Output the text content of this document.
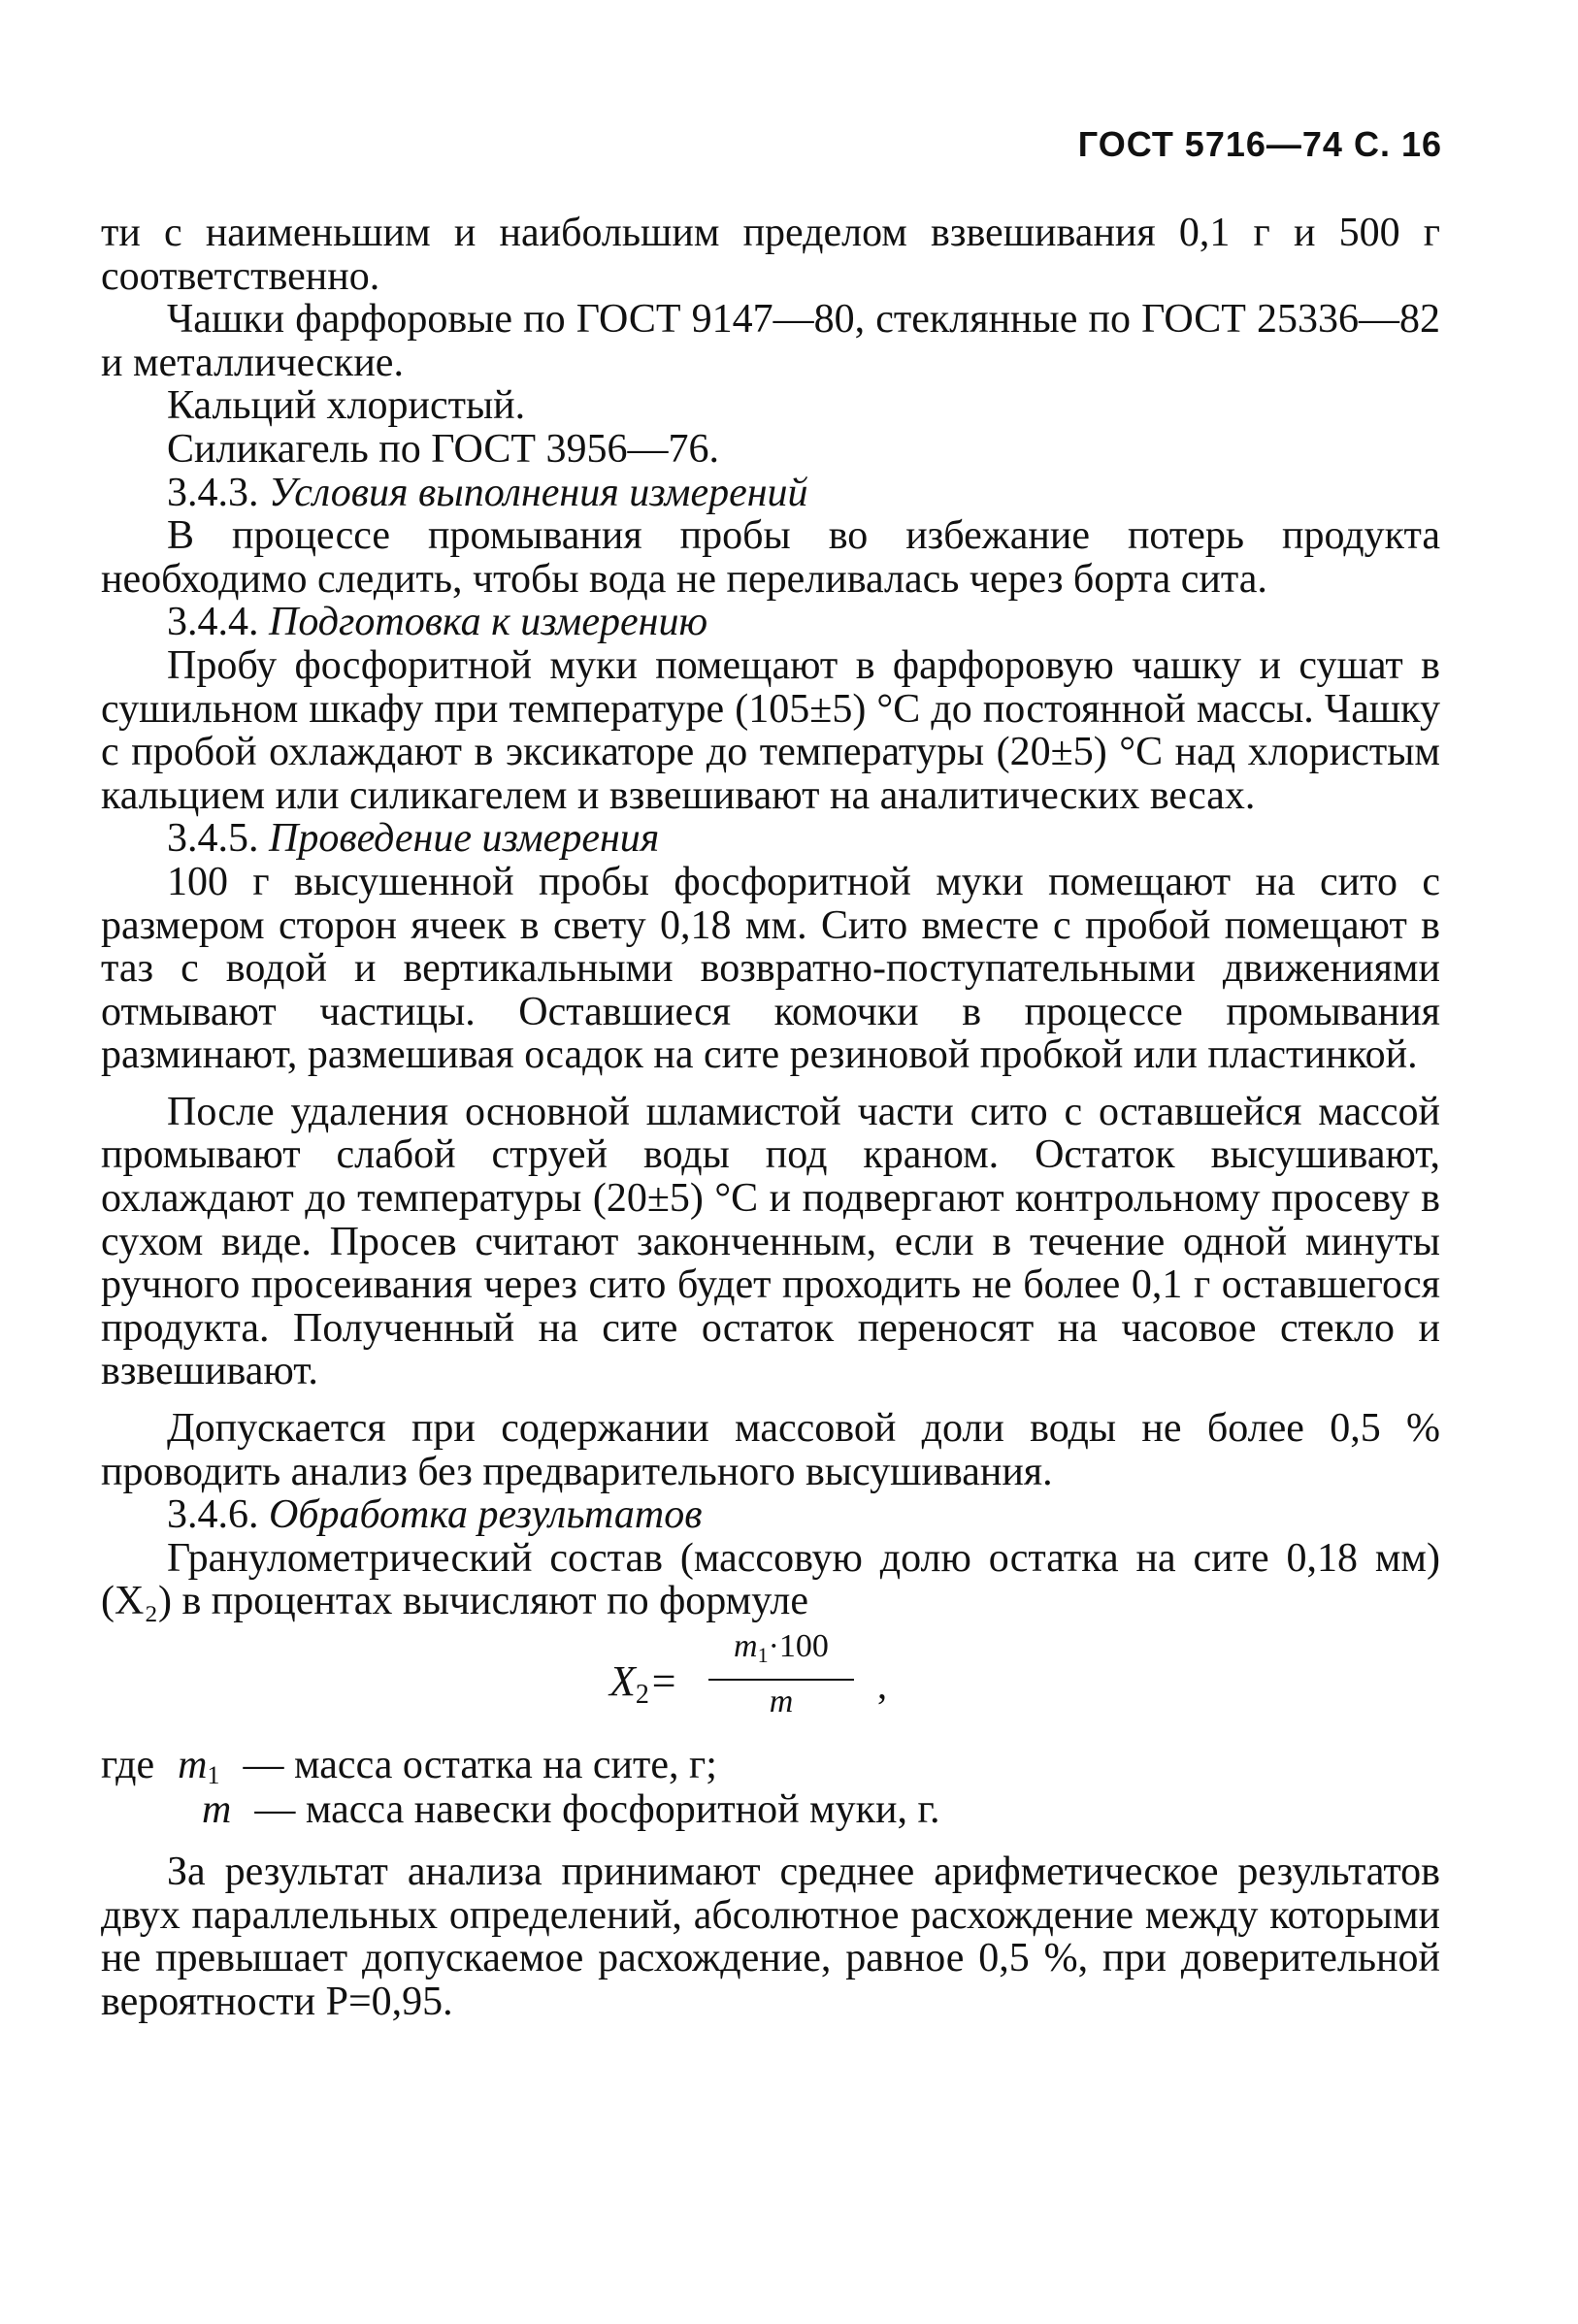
ГОСТ 5716—74 С. 16

ти с наименьшим и наибольшим пределом взвешивания 0,1 г и 500 г соответственно.

Чашки фарфоровые по ГОСТ 9147—80, стеклянные по ГОСТ 25336—82 и металлические.

Кальций хлористый.

Силикагель по ГОСТ 3956—76.

3.4.3. Условия выполнения измерений

В процессе промывания пробы во избежание потерь продукта необходимо следить, чтобы вода не переливалась через борта сита.

3.4.4. Подготовка к измерению

Пробу фосфоритной муки помещают в фарфоровую чашку и сушат в сушильном шкафу при температуре (105±5) °С до постоянной массы. Чашку с пробой охлаждают в эксикаторе до температуры (20±5) °С над хлористым кальцием или силикагелем и взвешивают на аналитических весах.

3.4.5. Проведение измерения

100 г высушенной пробы фосфоритной муки помещают на сито с размером сторон ячеек в свету 0,18 мм. Сито вместе с пробой помещают в таз с водой и вертикальными возвратно-поступательными движениями отмывают частицы. Оставшиеся комочки в процессе промывания разминают, размешивая осадок на сите резиновой пробкой или пластинкой.

После удаления основной шламистой части сито с оставшейся массой промывают слабой струей воды под краном. Остаток высушивают, охлаждают до температуры (20±5) °С и подвергают контрольному просеву в сухом виде. Просев считают законченным, если в течение одной минуты ручного просеивания через сито будет проходить не более 0,1 г оставшегося продукта. Полученный на сите остаток переносят на часовое стекло и взвешивают.

Допускается при содержании массовой доли воды не более 0,5 % проводить анализ без предварительного высушивания.

3.4.6. Обработка результатов

Гранулометрический состав (массовую долю остатка на сите 0,18 мм) (X₂) в процентах вычисляют по формуле

$X_2=$
$m_1\cdot 100$
m	,
где $m_1$ — масса остатка на сите, г;
m — масса навески фосфоритной муки, г.

За результат анализа принимают среднее арифметическое результатов двух параллельных определений, абсолютное расхождение между которыми не превышает допускаемое расхождение, равное 0,5 %, при доверительной вероятности P=0,95.
